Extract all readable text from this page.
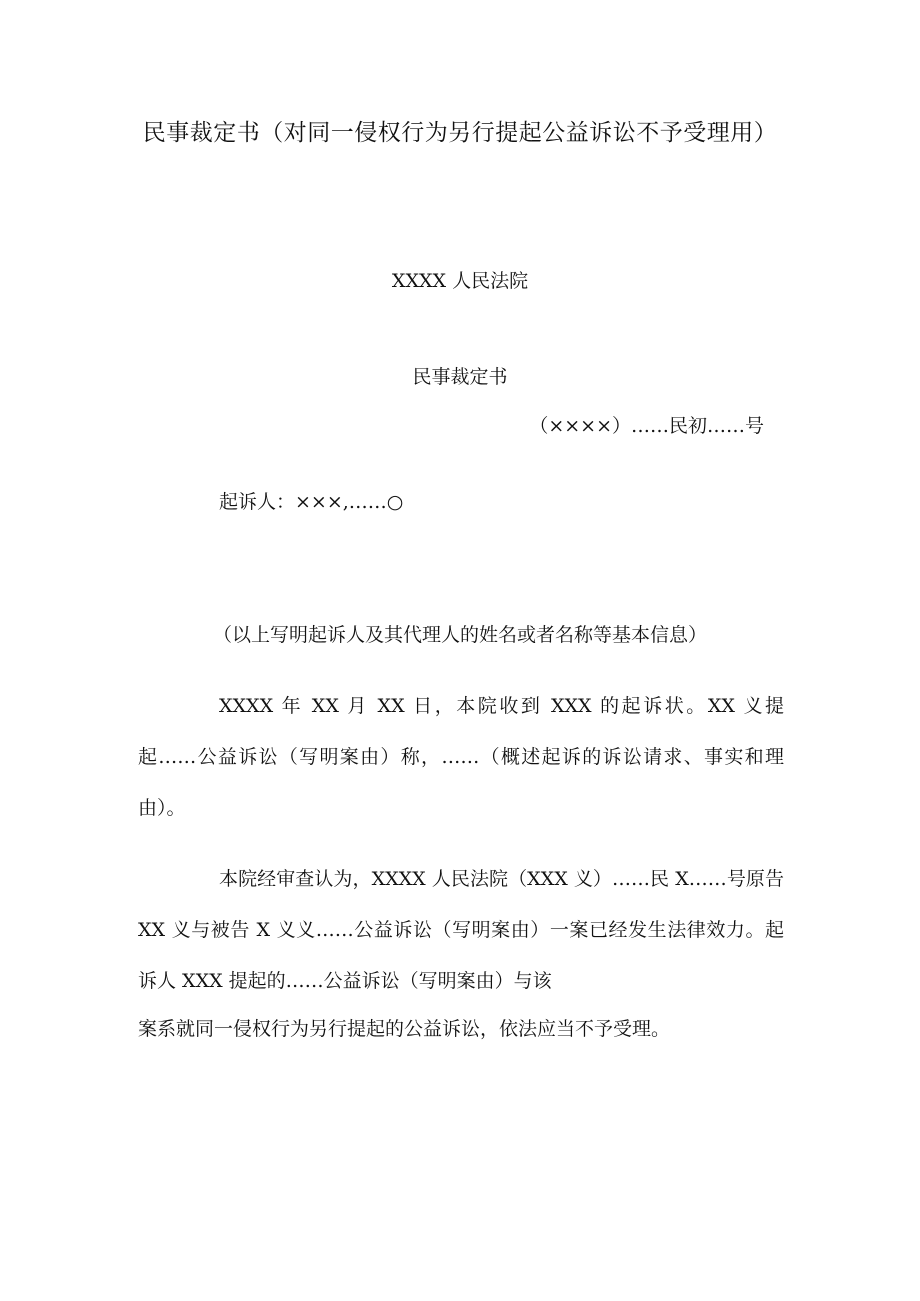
民事裁定书（对同一侵权行为另行提起公益诉讼不予受理用）
XXXX 人民法院
民事裁定书
（××××）……民初……号
起诉人：×××,……○
（以上写明起诉人及其代理人的姓名或者名称等基本信息）
XXXX 年 XX 月 XX 日，本院收到 XXX 的起诉状。XX 义提起……公益诉讼（写明案由）称，……（概述起诉的诉讼请求、事实和理由）。
本院经审查认为，XXXX 人民法院（XXX 义）……民 X……号原告 XX 义与被告 X 义义……公益诉讼（写明案由）一案已经发生法律效力。起诉人 XXX 提起的……公益诉讼（写明案由）与该
案系就同一侵权行为另行提起的公益诉讼，依法应当不予受理。
